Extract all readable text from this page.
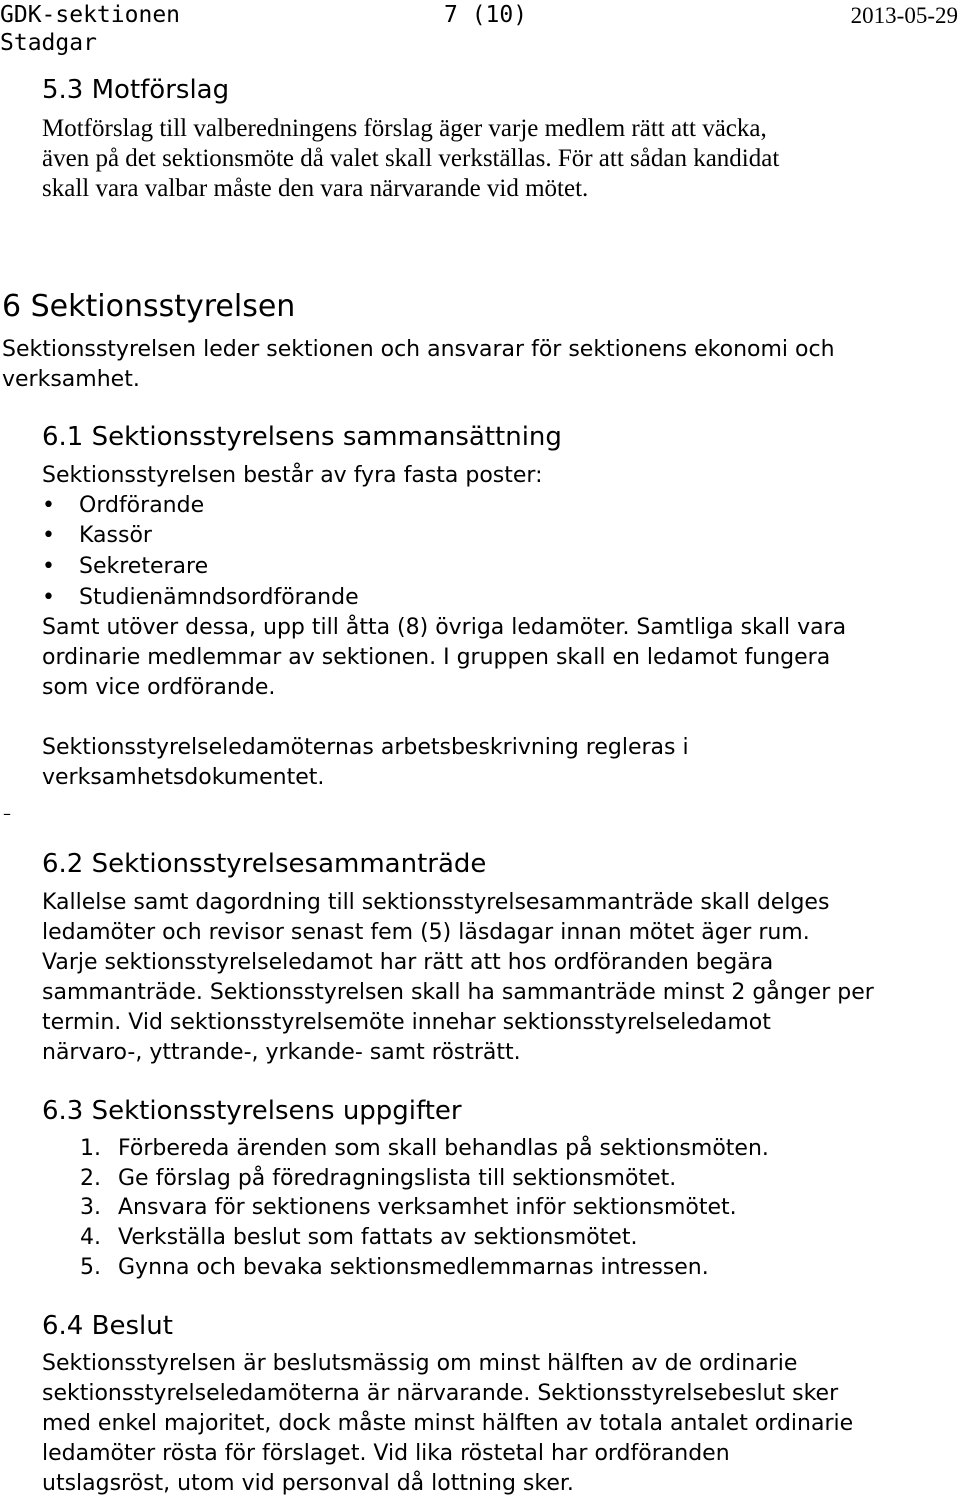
GDK-sektionen
Stadgar
7 (10)	2013-05-29
5.3 Motförslag
Motförslag till valberedningens förslag äger varje medlem rätt att väcka,
även på det sektionsmöte då valet skall verkställas. För att sådan kandidat
skall vara valbar måste den vara närvarande vid mötet.
6 Sektionsstyrelsen
Sektionsstyrelsen leder sektionen och ansvarar för sektionens ekonomi och
verksamhet.
6.1 Sektionsstyrelsens sammansättning
Sektionsstyrelsen består av fyra fasta poster:
• Ordförande
• Kassör
• Sekreterare
• Studienämndsordförande
Samt utöver dessa, upp till åtta (8) övriga ledamöter. Samtliga skall vara
ordinarie medlemmar av sektionen. I gruppen skall en ledamot fungera
som vice ordförande.
Sektionsstyrelseledamöternas arbetsbeskrivning regleras i
verksamhetsdokumentet.
–
6.2 Sektionsstyrelsesammanträde
Kallelse samt dagordning till sektionsstyrelsesammanträde skall delges
ledamöter och revisor senast fem (5) läsdagar innan mötet äger rum.
Varje sektionsstyrelseledamot har rätt att hos ordföranden begära
sammanträde. Sektionsstyrelsen skall ha sammanträde minst 2 gånger per
termin. Vid sektionsstyrelsemöte innehar sektionsstyrelseledamot
närvaro-, yttrande-, yrkande- samt rösträtt.
6.3 Sektionsstyrelsens uppgifter
1. Förbereda ärenden som skall behandlas på sektionsmöten.
2. Ge förslag på föredragningslista till sektionsmötet.
3. Ansvara för sektionens verksamhet inför sektionsmötet.
4. Verkställa beslut som fattats av sektionsmötet.
5. Gynna och bevaka sektionsmedlemmarnas intressen.
6.4 Beslut
Sektionsstyrelsen är beslutsmässig om minst hälften av de ordinarie
sektionsstyrelseledamöterna är närvarande. Sektionsstyrelsebeslut sker
med enkel majoritet, dock måste minst hälften av totala antalet ordinarie
ledamöter rösta för förslaget. Vid lika röstetal har ordföranden
utslagsröst, utom vid personval då lottning sker.
